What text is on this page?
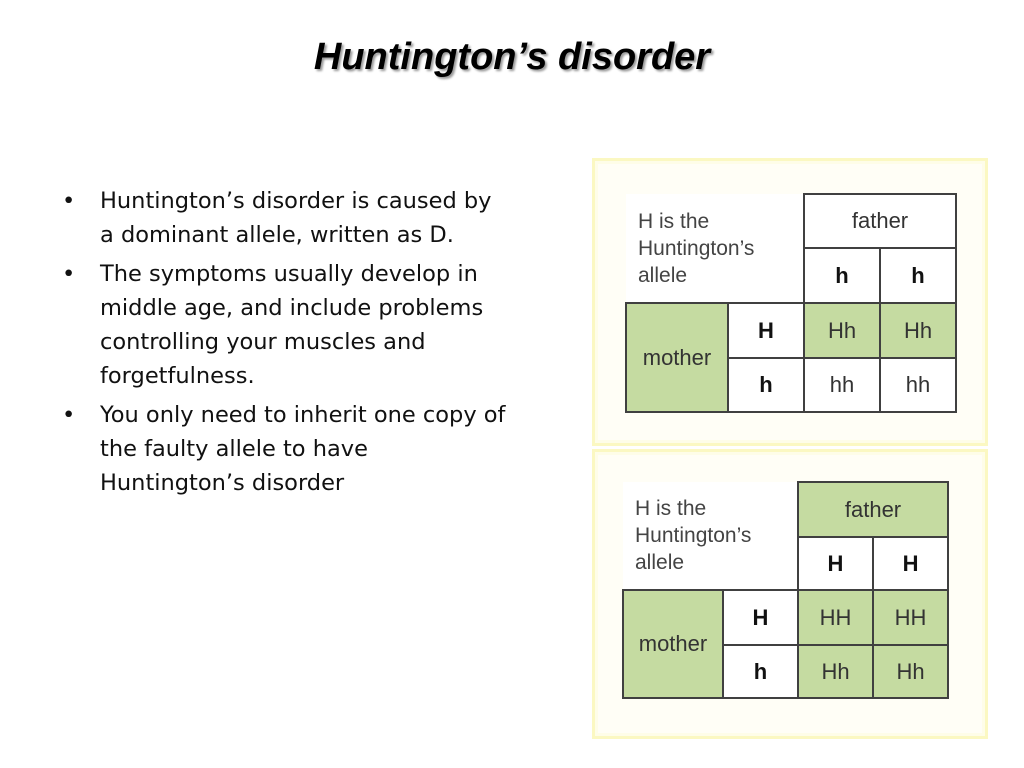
Huntington’s disorder
• Huntington’s disorder is caused by a dominant allele, written as D.
• The symptoms usually develop in middle age, and include problems controlling your muscles and forgetfulness.
• You only need to inherit one copy of the faulty allele to have Huntington’s disorder
H is the
Huntington’s
allele		father	
		h	h
mother	H	Hh	Hh
	h	hh	hh
H is the
Huntington’s
allele		father	
		H	H
mother	H	HH	HH
	h	Hh	Hh
